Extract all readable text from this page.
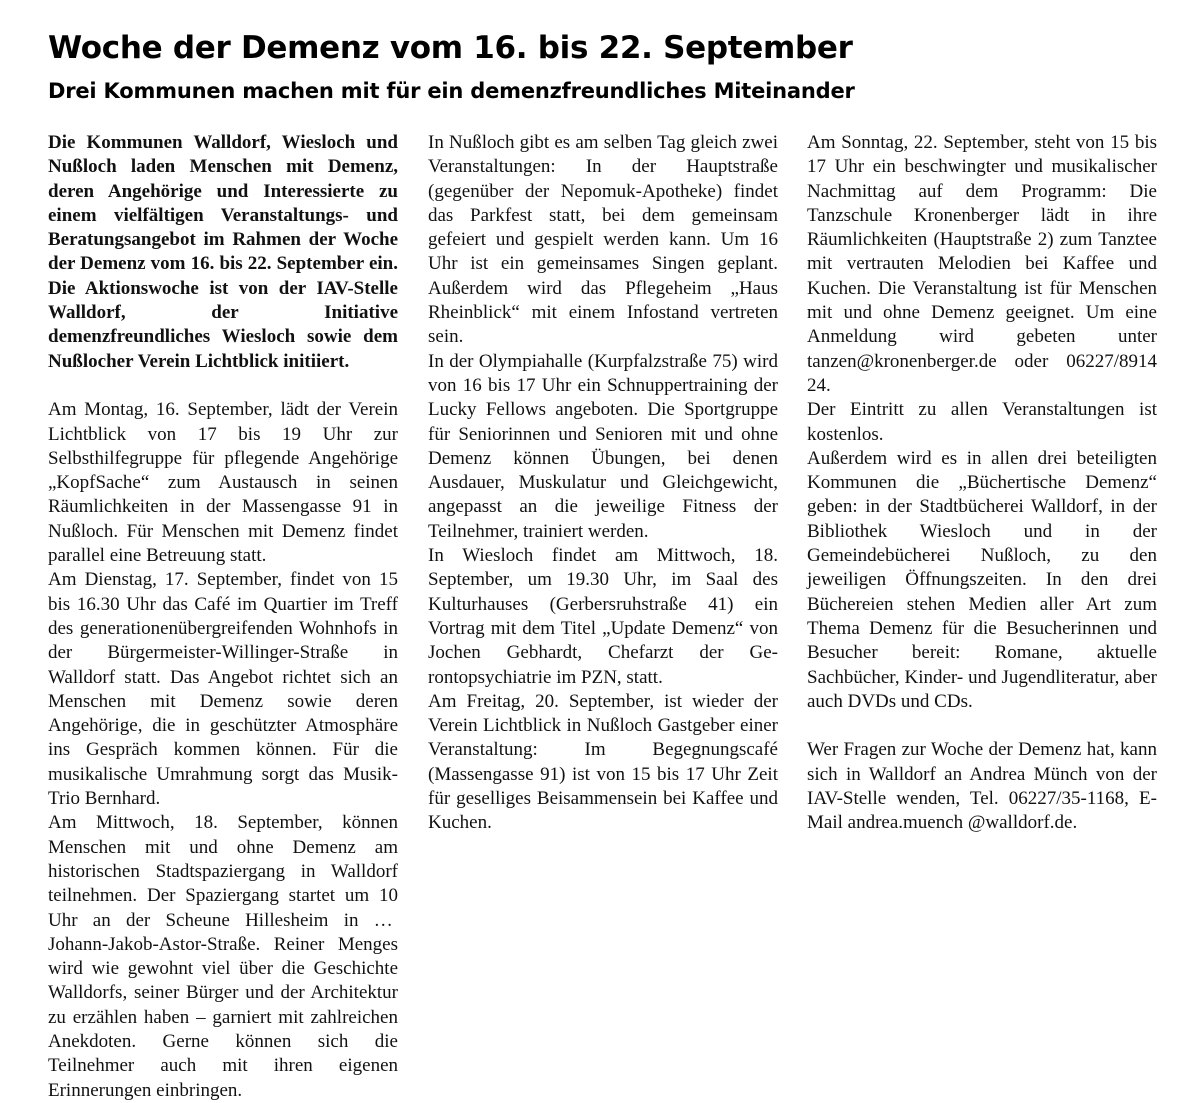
Woche der Demenz vom 16. bis 22. September
Drei Kommunen machen mit für ein demenzfreundliches Miteinander

Die Kommunen Walldorf, Wiesloch und Nußloch laden Menschen mit Demenz, deren Angehörige und Interessierte zu einem vielfältigen Veranstaltungs- und Beratungsangebot im Rahmen der Woche der Demenz vom 16. bis 22. September ein. Die Aktionswoche ist von der IAV-Stelle Walldorf, der Initiative demenzfreundliches Wiesloch sowie dem Nußlocher Verein Lichtblick initiiert.

Am Montag, 16. September, lädt der Verein Lichtblick von 17 bis 19 Uhr zur Selbsthilfegruppe für pflegende Angehörige „KopfSache“ zum Austausch in seinen Räumlichkeiten in der Massengasse 91 in Nußloch. Für Menschen mit Demenz findet parallel eine Betreuung statt.

Am Dienstag, 17. September, findet von 15 bis 16.30 Uhr das Café im Quartier im Treff des generationenübergreifenden Wohnhofs in der Bürgermeister-Willinger-Straße in Walldorf statt. Das Angebot richtet sich an Menschen mit Demenz sowie deren Angehörige, die in geschützter Atmosphäre ins Gespräch kommen können. Für die musikalische Umrahmung sorgt das Musik-Trio Bernhard.

Am Mittwoch, 18. September, können Menschen mit und ohne Demenz am historischen Stadtspaziergang in Walldorf teilnehmen. Der Spaziergang startet um 10 Uhr an der Scheune Hillesheim in der Johann-Jakob-Astor-Straße. Reiner Menges wird wie gewohnt viel über die Geschichte Walldorfs, seiner Bürger und der Architektur zu erzählen haben – garniert mit zahlreichen Anekdoten. Gerne können sich die Teilnehmer auch mit ihren eigenen Erinnerungen einbringen.

In Nußloch gibt es am selben Tag gleich zwei Veranstaltungen: In der Hauptstraße (gegenüber der Nepomuk-Apotheke) findet das Parkfest statt, bei dem gemeinsam gefeiert und gespielt werden kann. Um 16 Uhr ist ein gemeinsames Singen geplant. Außerdem wird das Pflegeheim „Haus Rheinblick“ mit einem Infostand vertreten sein.

In der Olympiahalle (Kurpfalzstraße 75) wird von 16 bis 17 Uhr ein Schnuppertraining der Lucky Fellows angeboten. Die Sportgruppe für Seniorinnen und Senioren mit und ohne Demenz können Übungen, bei denen Ausdauer, Muskulatur und Gleichgewicht, angepasst an die jeweilige Fitness der Teilnehmer, trainiert werden.

In Wiesloch findet am Mittwoch, 18. September, um 19.30 Uhr, im Saal des Kulturhauses (Gerbersruhstraße 41) ein Vortrag mit dem Titel „Update Demenz“ von Jochen Gebhardt, Chefarzt der Gerontopsychiatrie im PZN, statt.

Am Freitag, 20. September, ist wieder der Verein Lichtblick in Nußloch Gastgeber einer Veranstaltung: Im Begegnungscafé (Massengasse 91) ist von 15 bis 17 Uhr Zeit für geselliges Beisammensein bei Kaffee und Kuchen.

Am Sonntag, 22. September, steht von 15 bis 17 Uhr ein beschwingter und musikalischer Nachmittag auf dem Programm: Die Tanzschule Kronenberger lädt in ihre Räumlichkeiten (Hauptstraße 2) zum Tanztee mit vertrauten Melodien bei Kaffee und Kuchen. Die Veranstaltung ist für Menschen mit und ohne Demenz geeignet. Um eine Anmeldung wird gebeten unter tanzen@kronenberger.de oder 06227/8914 24.

Der Eintritt zu allen Veranstaltungen ist kostenlos.

Außerdem wird es in allen drei beteiligten Kommunen die „Büchertische Demenz“ geben: in der Stadtbücherei Walldorf, in der Bibliothek Wiesloch und in der Gemeindebücherei Nußloch, zu den jeweiligen Öffnungszeiten. In den drei Büchereien stehen Medien aller Art zum Thema Demenz für die Besucherinnen und Besucher bereit: Romane, aktuelle Sachbücher, Kinder- und Jugendliteratur, aber auch DVDs und CDs.

Wer Fragen zur Woche der Demenz hat, kann sich in Walldorf an Andrea Münch von der IAV-Stelle wenden, Tel. 06227/35-1168, E-Mail andrea.muench @walldorf.de.
